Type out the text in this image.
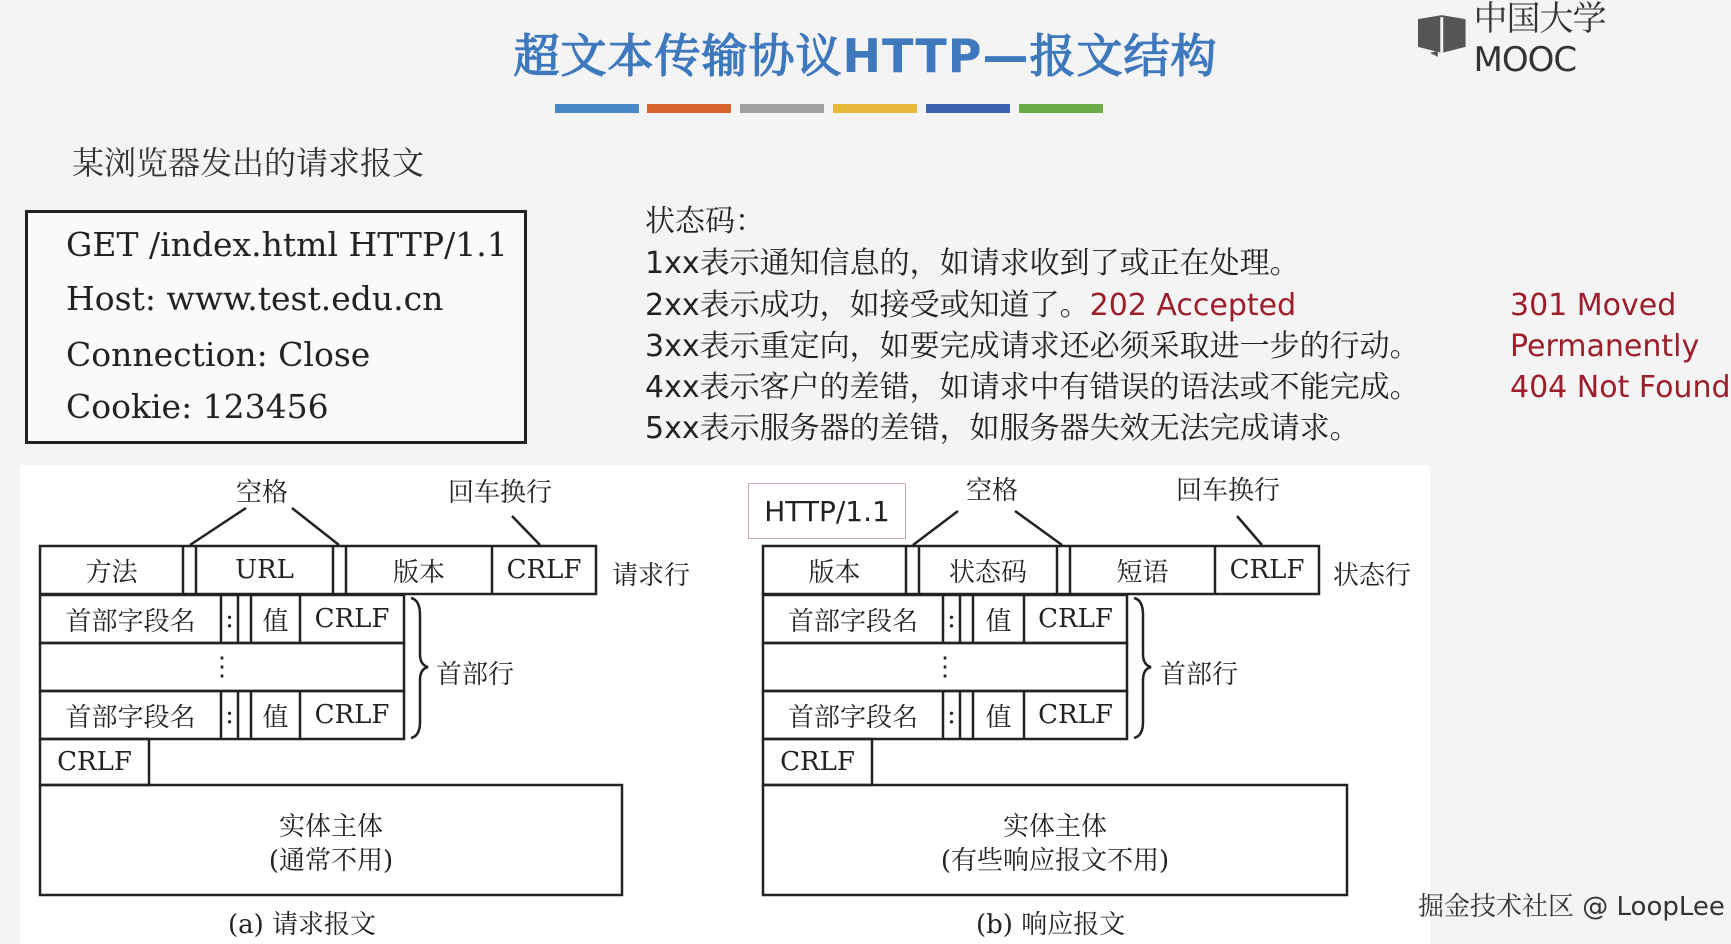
超文本传输协议HTTP—报文结构
中国大学MOOC
某浏览器发出的请求报文
GET /index.html HTTP/1.1
Host: www.test.edu.cn
Connection: Close
Cookie: 123456
状态码：
1xx表示通知信息的，如请求收到了或正在处理。
2xx表示成功，如接受或知道了。202 Accepted
3xx表示重定向，如要完成请求还必须采取进一步的行动。
4xx表示客户的差错，如请求中有错误的语法或不能完成。
5xx表示服务器的差错，如服务器失效无法完成请求。
301 Moved
Permanently
404 Not Found
空格	回车换行
方法	URL	版本	CRLF	请求行
首部字段名	:	值	CRLF
⋮
首部字段名	:	值	CRLF
首部行
CRLF
实体主体
(通常不用)
(a) 请求报文
HTTP/1.1
空格	回车换行
版本	状态码	短语	CRLF	状态行
首部字段名	:	值	CRLF
⋮
首部字段名	:	值	CRLF
首部行
CRLF
实体主体
(有些响应报文不用)
(b) 响应报文
掘金技术社区 @ LoopLee
